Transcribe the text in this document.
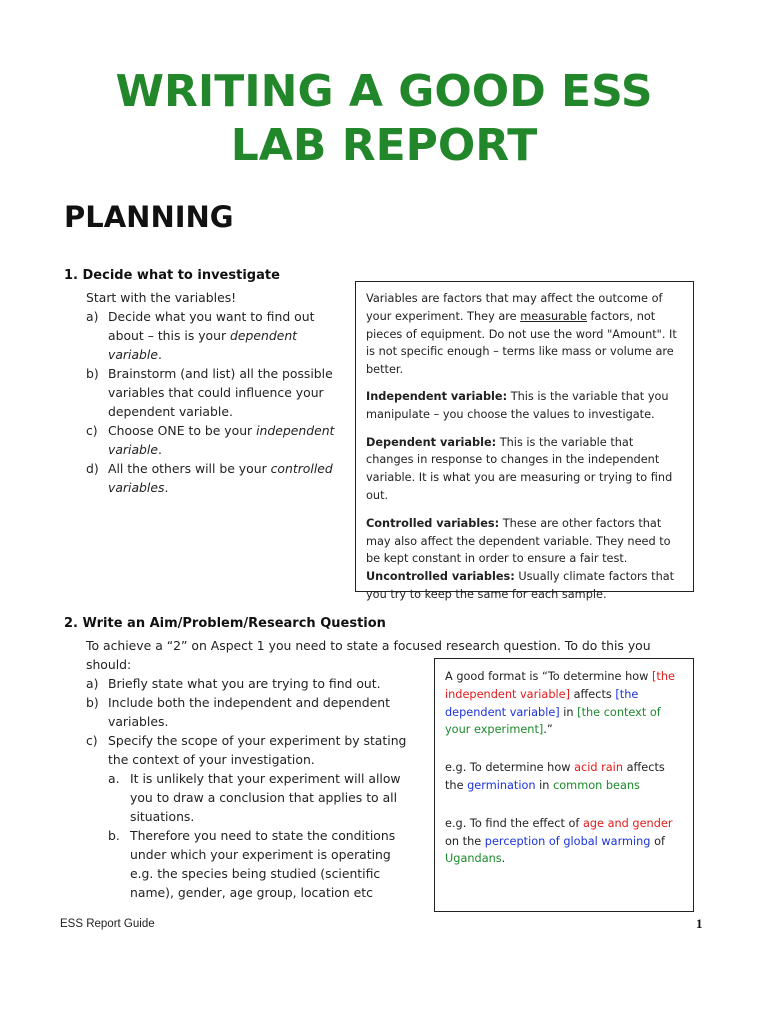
WRITING A GOOD ESS
LAB REPORT
PLANNING
1. Decide what to investigate
Start with the variables!
a) Decide what you want to find out about – this is your dependent variable.
b) Brainstorm (and list) all the possible variables that could influence your dependent variable.
c) Choose ONE to be your independent variable.
d) All the others will be your controlled variables.

Variables are factors that may affect the outcome of your experiment. They are measurable factors, not pieces of equipment. Do not use the word "Amount". It is not specific enough – terms like mass or volume are better.

Independent variable: This is the variable that you manipulate – you choose the values to investigate.

Dependent variable: This is the variable that changes in response to changes in the independent variable. It is what you are measuring or trying to find out.

Controlled variables: These are other factors that may also affect the dependent variable. They need to be kept constant in order to ensure a fair test.

Uncontrolled variables: Usually climate factors that you try to keep the same for each sample.

2. Write an Aim/Problem/Research Question
To achieve a “2” on Aspect 1 you need to state a focused research question. To do this you should:
a) Briefly state what you are trying to find out.
b) Include both the independent and dependent variables.
c) Specify the scope of your experiment by stating the context of your investigation.
a. It is unlikely that your experiment will allow you to draw a conclusion that applies to all situations.
b. Therefore you need to state the conditions under which your experiment is operating e.g. the species being studied (scientific name), gender, age group, location etc

A good format is “To determine how [the independent variable] affects [the dependent variable] in [the context of your experiment].”

e.g. To determine how acid rain affects the germination in common beans

e.g. To find the effect of age and gender on the perception of global warming of Ugandans.

ESS Report Guide	1
